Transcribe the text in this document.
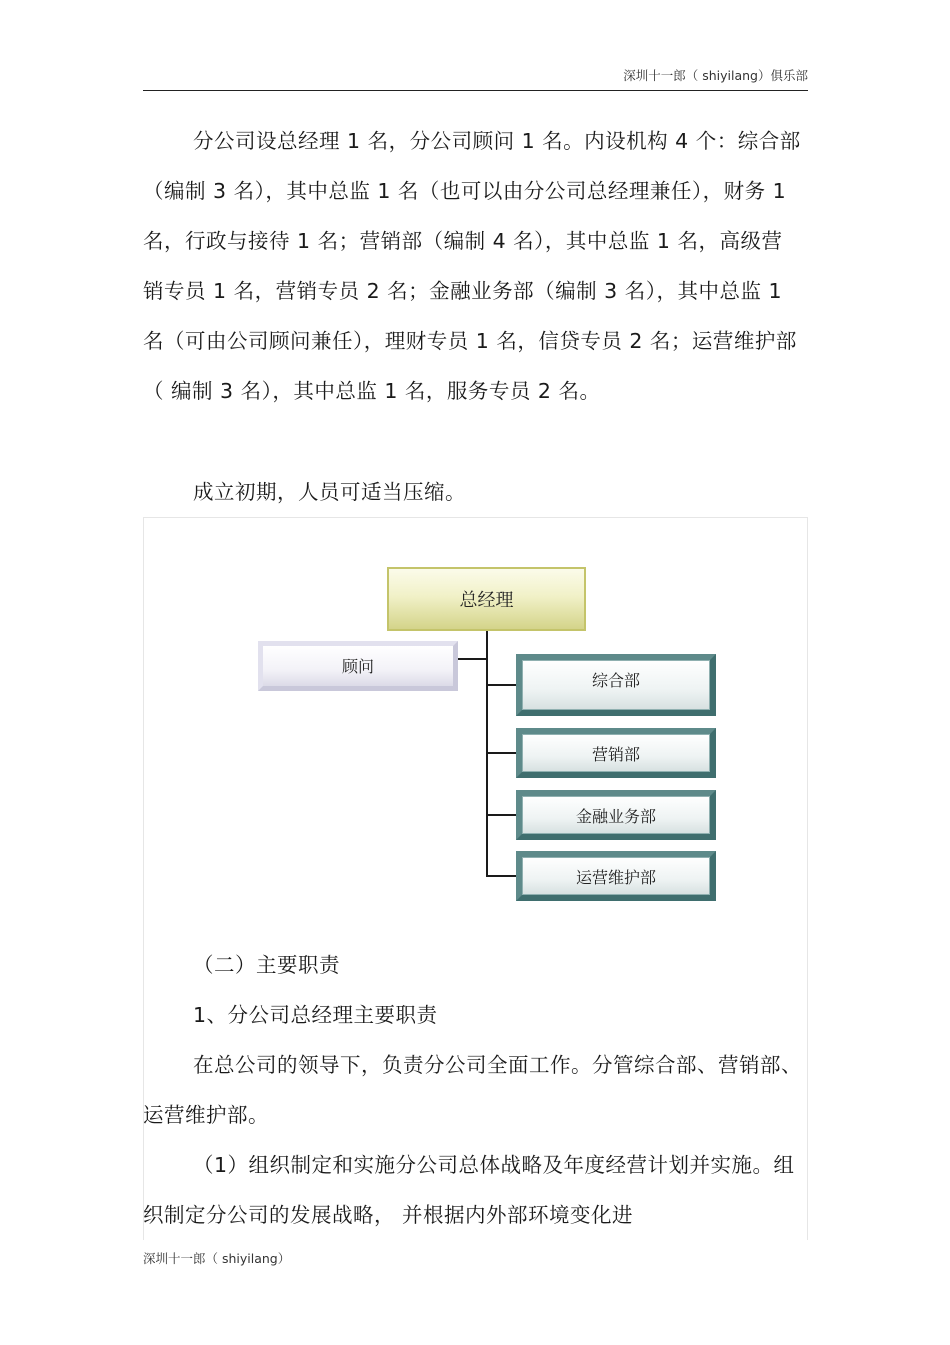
深圳十一郎（ shiyilang）俱乐部

分公司设总经理 1 名，分公司顾问 1 名。内设机构 4 个：综合部（编制 3 名），其中总监 1 名（也可以由分公司总经理兼任），财务 1 名，行政与接待 1 名；营销部（编制 4 名），其中总监 1 名，高级营销专员 1 名，营销专员 2 名；金融业务部（编制 3 名），其中总监 1 名（可由公司顾问兼任），理财专员 1 名，信贷专员 2 名；运营维护部（ 编制 3 名），其中总监 1 名，服务专员 2 名。

成立初期，人员可适当压缩。

总经理
顾问
综合部
营销部
金融业务部
运营维护部

（二）主要职责

1、分公司总经理主要职责

在总公司的领导下，负责分公司全面工作。分管综合部、营销部、运营维护部。

（1）组织制定和实施分公司总体战略及年度经营计划并实施。组织制定分公司的发展战略， 并根据内外部环境变化进

深圳十一郎（ shiyilang）
